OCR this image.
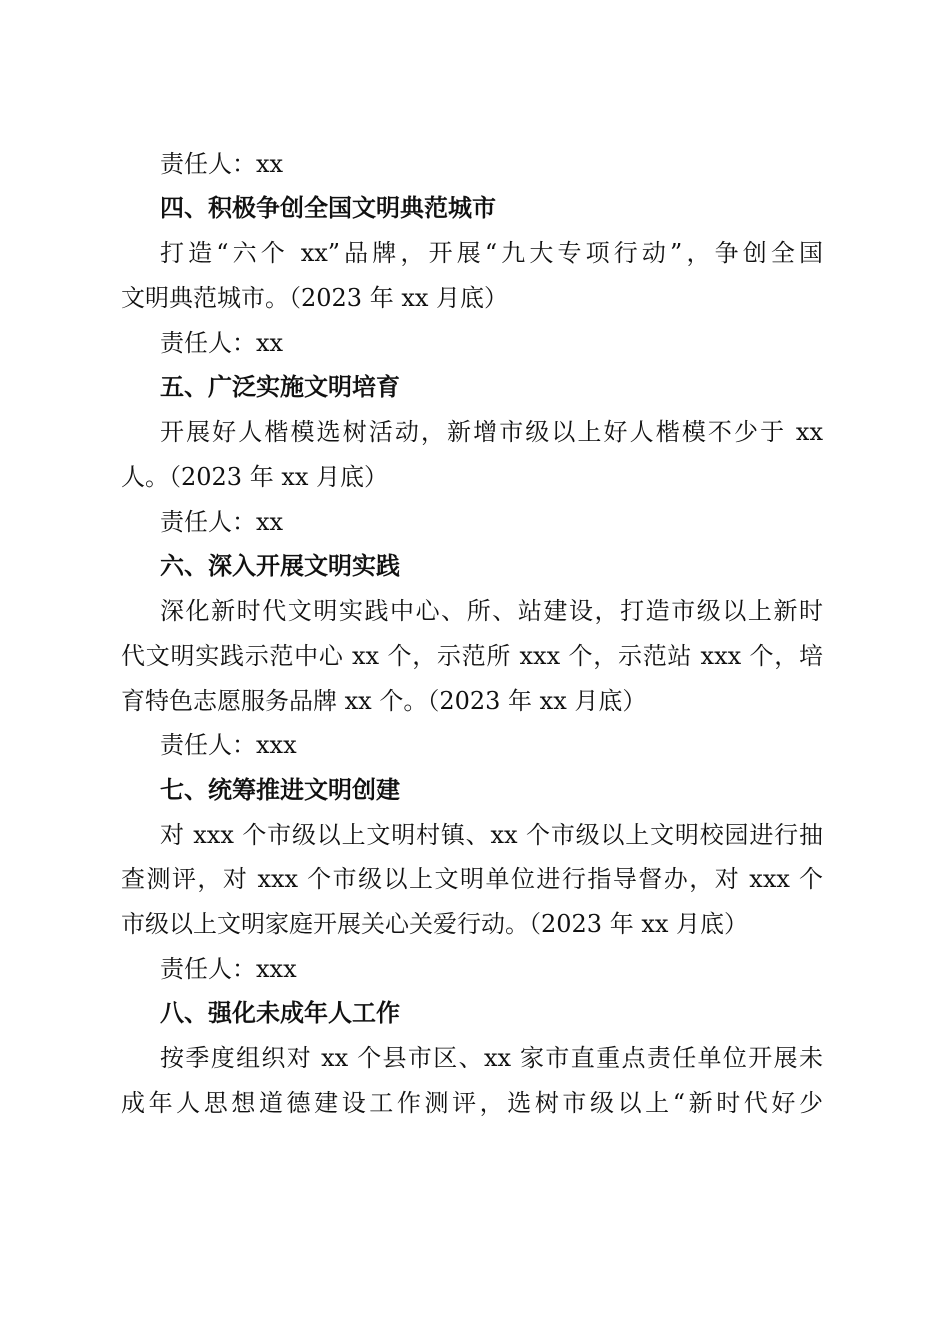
责任人：xx
四、积极争创全国文明典范城市
打造“六个 xx”品牌，开展“九大专项行动”，争创全国
文明典范城市。（2023 年 xx 月底）
责任人：xx
五、广泛实施文明培育
开展好人楷模选树活动，新增市级以上好人楷模不少于 xx
人。（2023 年 xx 月底）
责任人：xx
六、深入开展文明实践
深化新时代文明实践中心、所、站建设，打造市级以上新时
代文明实践示范中心 xx 个，示范所 xxx 个，示范站 xxx 个，培
育特色志愿服务品牌 xx 个。（2023 年 xx 月底）
责任人：xxx
七、统筹推进文明创建
对 xxx 个市级以上文明村镇、xx 个市级以上文明校园进行抽
查测评，对 xxx 个市级以上文明单位进行指导督办，对 xxx 个
市级以上文明家庭开展关心关爱行动。（2023 年 xx 月底）
责任人：xxx
八、强化未成年人工作
按季度组织对 xx 个县市区、xx 家市直重点责任单位开展未
成年人思想道德建设工作测评，选树市级以上“新时代好少
